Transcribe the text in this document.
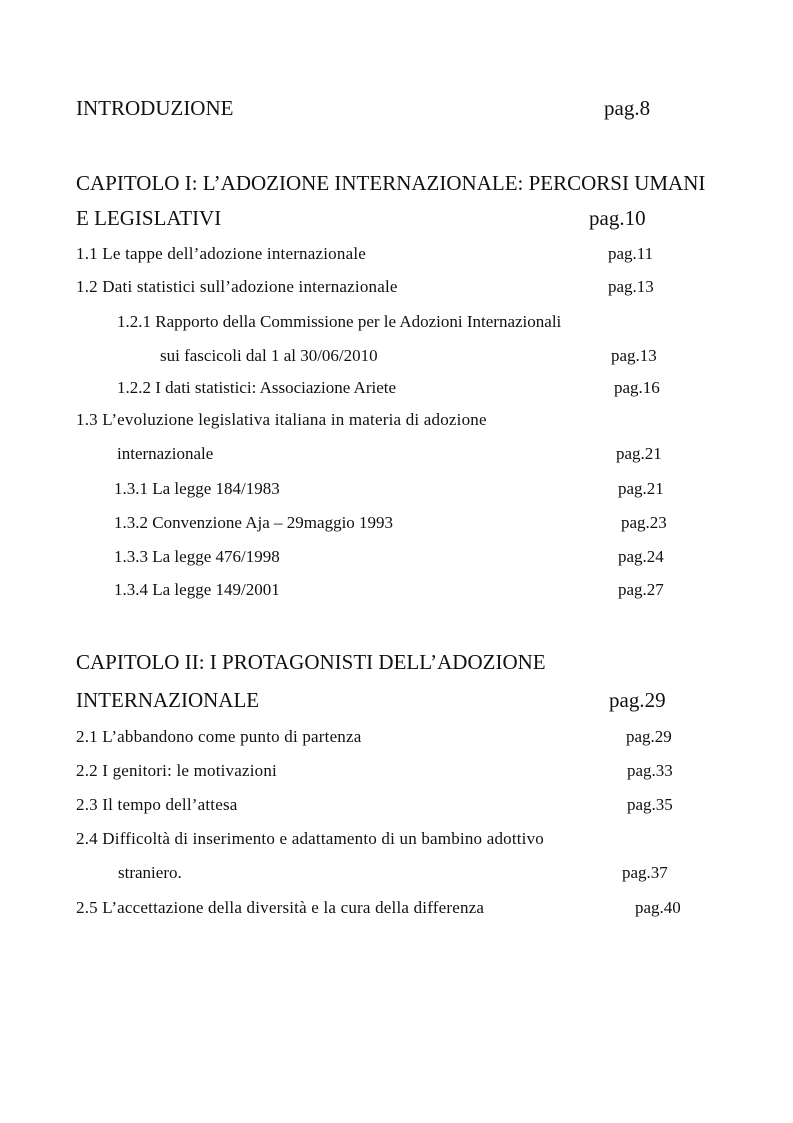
INTRODUZIONE	pag.8
CAPITOLO I: L’ADOZIONE INTERNAZIONALE: PERCORSI UMANI
E LEGISLATIVI	pag.10
1.1 Le tappe dell’adozione internazionale	pag.11
1.2 Dati statistici sull’adozione internazionale	pag.13
1.2.1 Rapporto della Commissione per le Adozioni Internazionali
sui fascicoli dal 1 al 30/06/2010	pag.13
1.2.2 I dati statistici: Associazione Ariete	pag.16
1.3 L’evoluzione legislativa italiana in materia di adozione
internazionale	pag.21
1.3.1 La legge 184/1983	pag.21
1.3.2 Convenzione Aja – 29maggio 1993	pag.23
1.3.3 La legge 476/1998	pag.24
1.3.4 La legge 149/2001	pag.27
CAPITOLO II: I PROTAGONISTI DELL’ADOZIONE
INTERNAZIONALE	pag.29
2.1 L’abbandono come punto di partenza	pag.29
2.2 I genitori: le motivazioni	pag.33
2.3 Il tempo dell’attesa	pag.35
2.4 Difficoltà di inserimento e adattamento di un bambino adottivo
straniero.	pag.37
2.5 L’accettazione della diversità e la cura della differenza	pag.40
